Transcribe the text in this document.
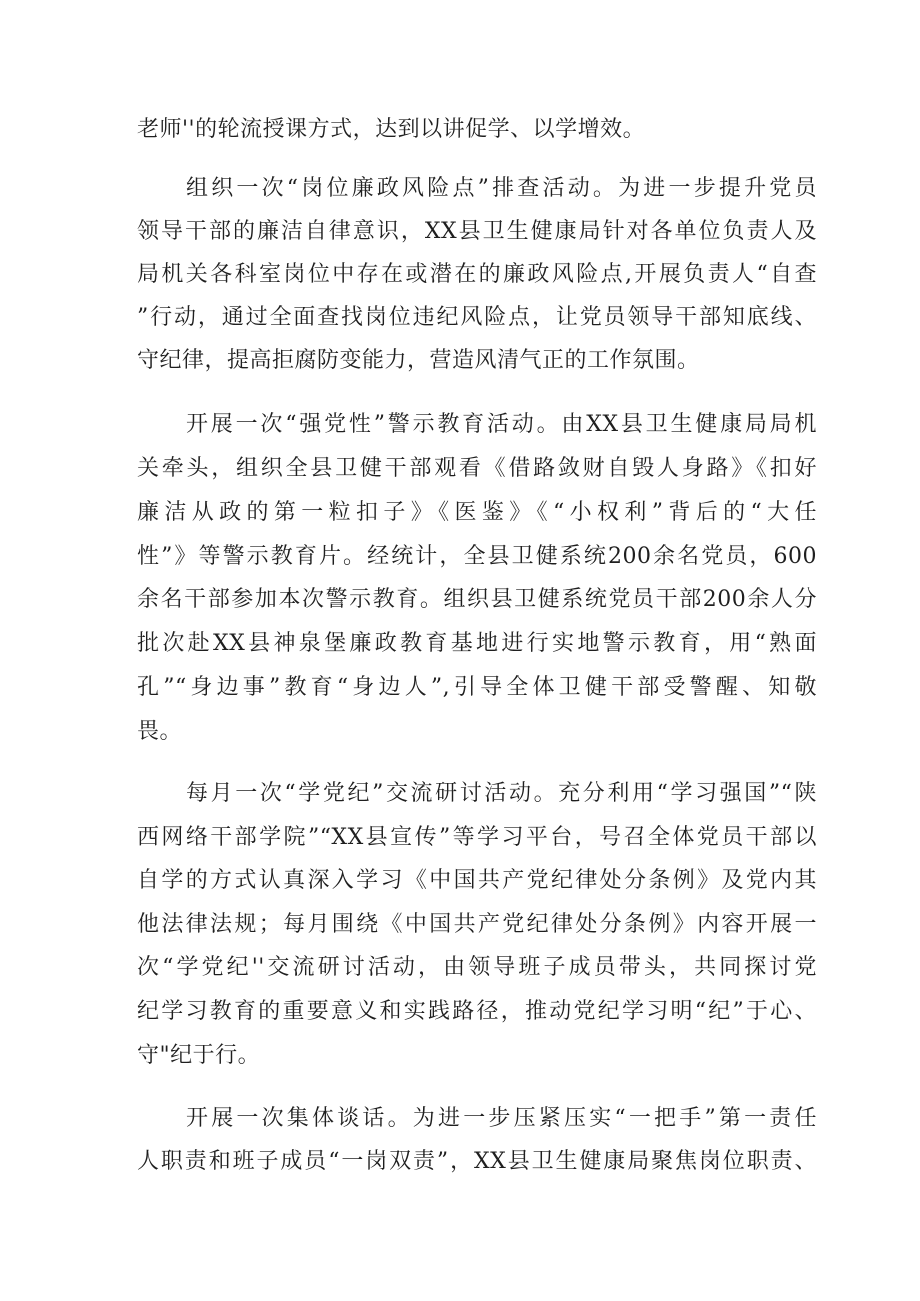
老师''的轮流授课方式，达到以讲促学、以学增效。
组织一次“岗位廉政风险点”排查活动。为进一步提升党员
领导干部的廉洁自律意识，XX县卫生健康局针对各单位负责人及
局机关各科室岗位中存在或潜在的廉政风险点,开展负责人“自查
”行动，通过全面查找岗位违纪风险点，让党员领导干部知底线、
守纪律，提高拒腐防变能力，营造风清气正的工作氛围。
开展一次“强党性”警示教育活动。由XX县卫生健康局局机
关牵头，组织全县卫健干部观看《借路敛财自毁人身路》《扣好
廉洁从政的第一粒扣子》《医鉴》《“小权利”背后的“大任
性”》等警示教育片。经统计，全县卫健系统200余名党员，600
余名干部参加本次警示教育。组织县卫健系统党员干部200余人分
批次赴XX县神泉堡廉政教育基地进行实地警示教育，用“熟面
孔”“身边事”教育“身边人”,引导全体卫健干部受警醒、知敬
畏。
每月一次“学党纪”交流研讨活动。充分利用“学习强国”“陕
西网络干部学院”“XX县宣传”等学习平台，号召全体党员干部以
自学的方式认真深入学习《中国共产党纪律处分条例》及党内其
他法律法规；每月围绕《中国共产党纪律处分条例》内容开展一
次“学党纪''交流研讨活动，由领导班子成员带头，共同探讨党
纪学习教育的重要意义和实践路径，推动党纪学习明“纪”于心、
守"纪于行。
开展一次集体谈话。为进一步压紧压实“一把手”第一责任
人职责和班子成员“一岗双责”，XX县卫生健康局聚焦岗位职责、
